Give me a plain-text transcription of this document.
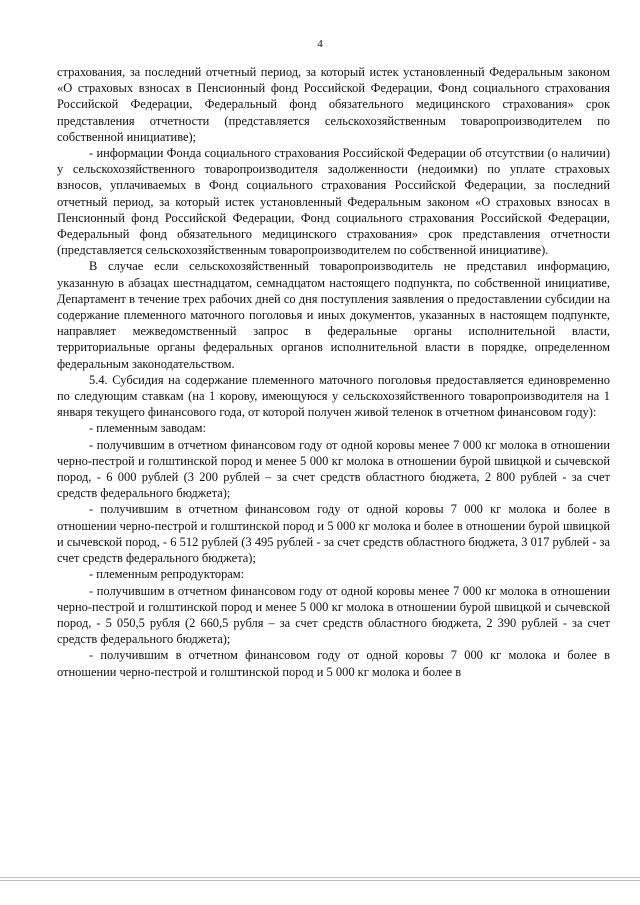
4

страхования, за последний отчетный период, за который истек установленный Федеральным законом «О страховых взносах в Пенсионный фонд Российской Федерации, Фонд социального страхования Российской Федерации, Федеральный фонд обязательного медицинского страхования» срок представления отчетности (представляется сельскохозяйственным товаропроизводителем по собственной инициативе);

- информации Фонда социального страхования Российской Федерации об отсутствии (о наличии) у сельскохозяйственного товаропроизводителя задолженности (недоимки) по уплате страховых взносов, уплачиваемых в Фонд социального страхования Российской Федерации, за последний отчетный период, за который истек установленный Федеральным законом «О страховых взносах в Пенсионный фонд Российской Федерации, Фонд социального страхования Российской Федерации, Федеральный фонд обязательного медицинского страхования» срок представления отчетности (представляется сельскохозяйственным товаропроизводителем по собственной инициативе).

В случае если сельскохозяйственный товаропроизводитель не представил информацию, указанную в абзацах шестнадцатом, семнадцатом настоящего подпункта, по собственной инициативе, Департамент в течение трех рабочих дней со дня поступления заявления о предоставлении субсидии на содержание племенного маточного поголовья и иных документов, указанных в настоящем подпункте, направляет межведомственный запрос в федеральные органы исполнительной власти, территориальные органы федеральных органов исполнительной власти в порядке, определенном федеральным законодательством.

5.4. Субсидия на содержание племенного маточного поголовья предоставляется единовременно по следующим ставкам (на 1 корову, имеющуюся у сельскохозяйственного товаропроизводителя на 1 января текущего финансового года, от которой получен живой теленок в отчетном финансовом году):

- племенным заводам:

- получившим в отчетном финансовом году от одной коровы менее 7 000 кг молока в отношении черно-пестрой и голштинской пород и менее 5 000 кг молока в отношении бурой швицкой и сычевской пород, - 6 000 рублей (3 200 рублей – за счет средств областного бюджета, 2 800 рублей - за счет средств федерального бюджета);

- получившим в отчетном финансовом году от одной коровы 7 000 кг молока и более в отношении черно-пестрой и голштинской пород и 5 000 кг молока и более в отношении бурой швицкой и сычевской пород, - 6 512 рублей (3 495 рублей - за счет средств областного бюджета, 3 017 рублей - за счет средств федерального бюджета);

- племенным репродукторам:

- получившим в отчетном финансовом году от одной коровы менее 7 000 кг молока в отношении черно-пестрой и голштинской пород и менее 5 000 кг молока в отношении бурой швицкой и сычевской пород, - 5 050,5 рубля (2 660,5 рубля – за счет средств областного бюджета, 2 390 рублей - за счет средств федерального бюджета);

- получившим в отчетном финансовом году от одной коровы 7 000 кг молока и более в отношении черно-пестрой и голштинской пород и 5 000 кг молока и более в
